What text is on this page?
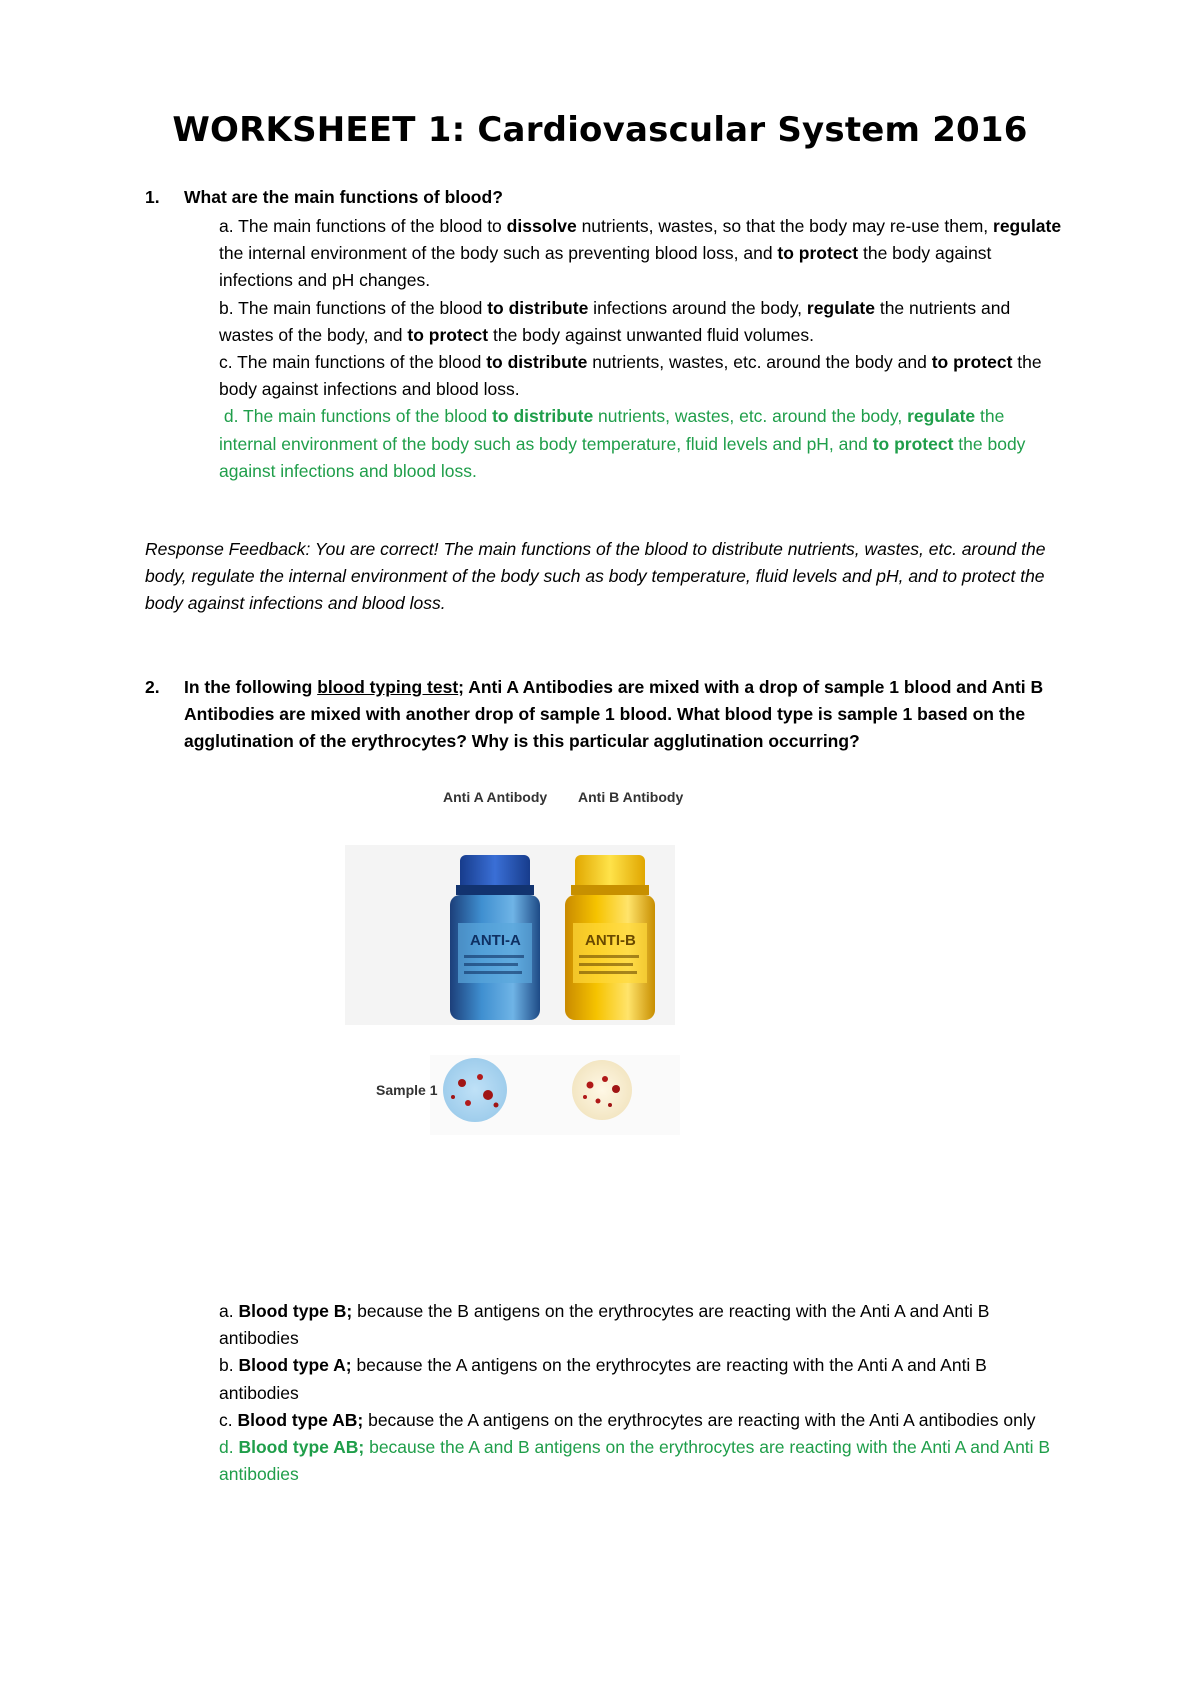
WORKSHEET 1: Cardiovascular System 2016
1. What are the main functions of blood?

a. The main functions of the blood to dissolve nutrients, wastes, so that the body may re-use them, regulate the internal environment of the body such as preventing blood loss, and to protect the body against infections and pH changes.

b. The main functions of the blood to distribute infections around the body, regulate the nutrients and wastes of the body, and to protect the body against unwanted fluid volumes.

c. The main functions of the blood to distribute nutrients, wastes, etc. around the body and to protect the body against infections and blood loss.

d. The main functions of the blood to distribute nutrients, wastes, etc. around the body, regulate the internal environment of the body such as body temperature, fluid levels and pH, and to protect the body against infections and blood loss.

Response Feedback: You are correct! The main functions of the blood to distribute nutrients, wastes, etc. around the body, regulate the internal environment of the body such as body temperature, fluid levels and pH, and to protect the body against infections and blood loss.
2. In the following blood typing test; Anti A Antibodies are mixed with a drop of sample 1 blood and Anti B Antibodies are mixed with another drop of sample 1 blood. What blood type is sample 1 based on the agglutination of the erythrocytes? Why is this particular agglutination occurring?
ANTI-A	ANTI-B
Anti A Antibody Anti B Antibody
Sample 1

a. Blood type B; because the B antigens on the erythrocytes are reacting with the Anti A and Anti B antibodies

b. Blood type A; because the A antigens on the erythrocytes are reacting with the Anti A and Anti B antibodies

c. Blood type AB; because the A antigens on the erythrocytes are reacting with the Anti A antibodies only

d. Blood type AB; because the A and B antigens on the erythrocytes are reacting with the Anti A and Anti B antibodies
